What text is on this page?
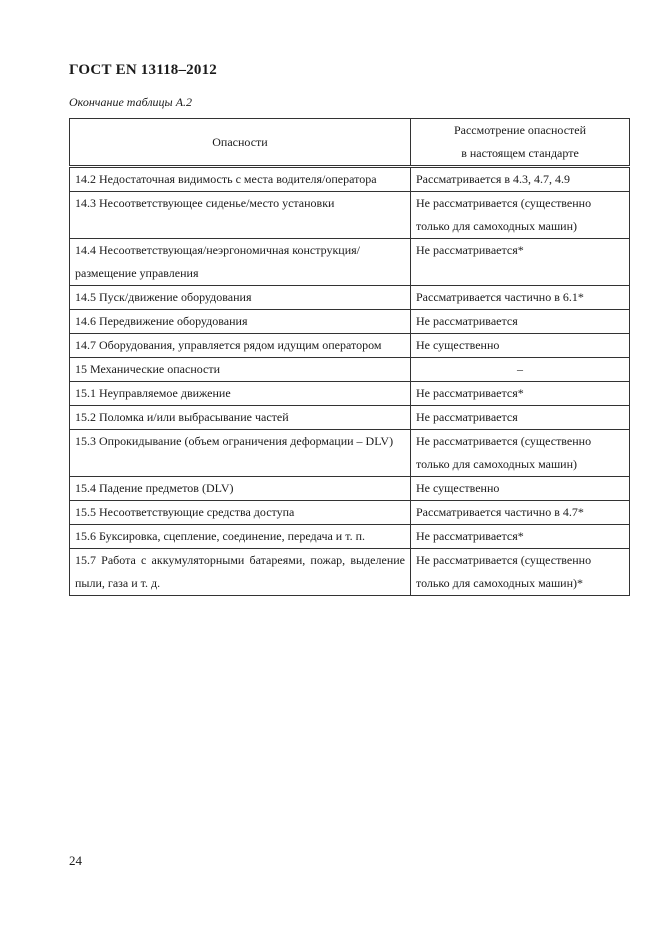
ГОСТ EN 13118–2012
Окончание таблицы А.2
Опасности	Рассмотрение опасностей
в настоящем стандарте

14.2 Недостаточная видимость с места водителя/оператора	Рассматривается в 4.3, 4.7, 4.9
14.3 Несоответствующее сиденье/место установки	Не рассматривается (существенно только для самоходных машин)
14.4 Несоответствующая/неэргономичная конструкция/ размещение управления	Не рассматривается*
14.5 Пуск/движение оборудования	Рассматривается частично в 6.1*
14.6 Передвижение оборудования	Не рассматривается
14.7 Оборудования, управляется рядом идущим оператором	Не существенно
15 Механические опасности	–
15.1 Неуправляемое движение	Не рассматривается*
15.2 Поломка и/или выбрасывание частей	Не рассматривается
15.3 Опрокидывание (объем ограничения деформации – DLV)	Не рассматривается (существенно только для самоходных машин)
15.4 Падение предметов (DLV)	Не существенно
15.5 Несоответствующие средства доступа	Рассматривается частично в 4.7*
15.6 Буксировка, сцепление, соединение, передача и т. п.	Не рассматривается*
15.7 Работа с аккумуляторными батареями, пожар, выделение пыли, газа и т. д.	Не рассматривается (существенно только для самоходных машин)*
24
